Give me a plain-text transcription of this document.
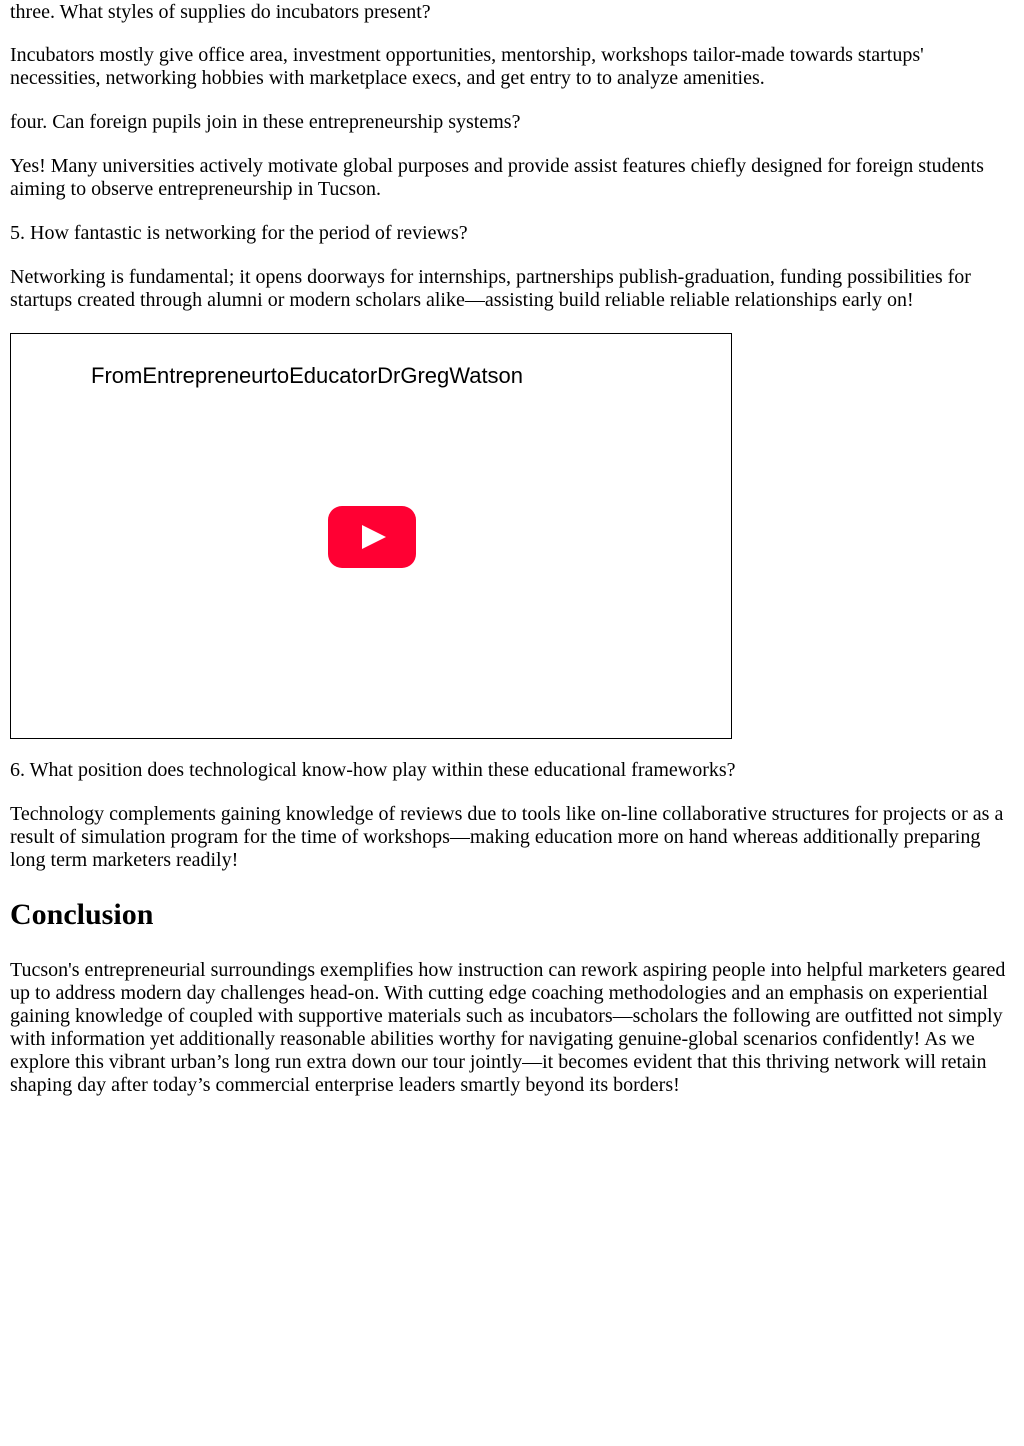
three. What styles of supplies do incubators present?

Incubators mostly give office area, investment opportunities, mentorship, workshops tailor-made towards startups' necessities, networking hobbies with marketplace execs, and get entry to to analyze amenities.

four. Can foreign pupils join in these entrepreneurship systems?

Yes! Many universities actively motivate global purposes and provide assist features chiefly designed for foreign students aiming to observe entrepreneurship in Tucson.

5. How fantastic is networking for the period of reviews?

Networking is fundamental; it opens doorways for internships, partnerships publish-graduation, funding possibilities for startups created through alumni or modern scholars alike—assisting build reliable reliable relationships early on!

FromEntrepreneurtoEducatorDrGregWatson

6. What position does technological know-how play within these educational frameworks?

Technology complements gaining knowledge of reviews due to tools like on-line collaborative structures for projects or as a result of simulation program for the time of workshops—making education more on hand whereas additionally preparing long term marketers readily!

Conclusion

Tucson's entrepreneurial surroundings exemplifies how instruction can rework aspiring people into helpful marketers geared up to address modern day challenges head-on. With cutting edge coaching methodologies and an emphasis on experiential gaining knowledge of coupled with supportive materials such as incubators—scholars the following are outfitted not simply with information yet additionally reasonable abilities worthy for navigating genuine-global scenarios confidently! As we explore this vibrant urban’s long run extra down our tour jointly—it becomes evident that this thriving network will retain shaping day after today’s commercial enterprise leaders smartly beyond its borders!
